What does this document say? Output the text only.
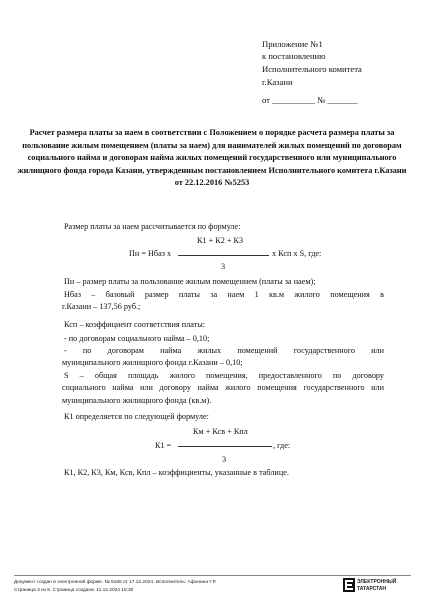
Приложение №1
к постановлению
Исполнительного комитета
г.Казани
от __________ № _______
Расчет размера платы за наем в соответствии с Положением о порядке расчета размера платы за пользование жилым помещением (платы за наем) для нанимателей жилых помещений по договорам социального найма и договорам найма жилых помещений государственного или муниципального жилищного фонда города Казани, утвержденным постановлением Исполнительного комитета г.Казани от 22.12.2016 №5253
Размер платы за наем рассчитывается по формуле:
К1 + К2 + К3
Пн = Нбаз х	х Ксп х S, где:
3
Пн – размер платы за пользование жилым помещением (платы за наем);
Нбаз – базовый размер платы за наем 1 кв.м жилого помещения в
г.Казани – 137,56 руб.;
Ксп – коэффициент соответствия платы:
- по договорам социального найма – 0,10;
- по договорам найма жилых помещений государственного или
муниципального жилищного фонда г.Казани – 0,10;
S – общая площадь жилого помещения, предоставленного по договору
социального найма или договору найма жилого помещения государственного или
муниципального жилищного фонда (кв.м).
К1 определяется по следующей формуле:
Км + Ксв + Кпл
К1 =	, где:
3
К1, К2, К3, Км, Ксв, Кпл – коэффициенты, указанные в таблице.
Документ создан в электронной форме. № 5185 от 17.12.2024. Исполнитель: Афонина Г.Р.
Страница 3 из 8. Страница создана: 11.12.2024 15:30
ЭЛЕКТРОННЫЙ
ТАТАРСТАН
